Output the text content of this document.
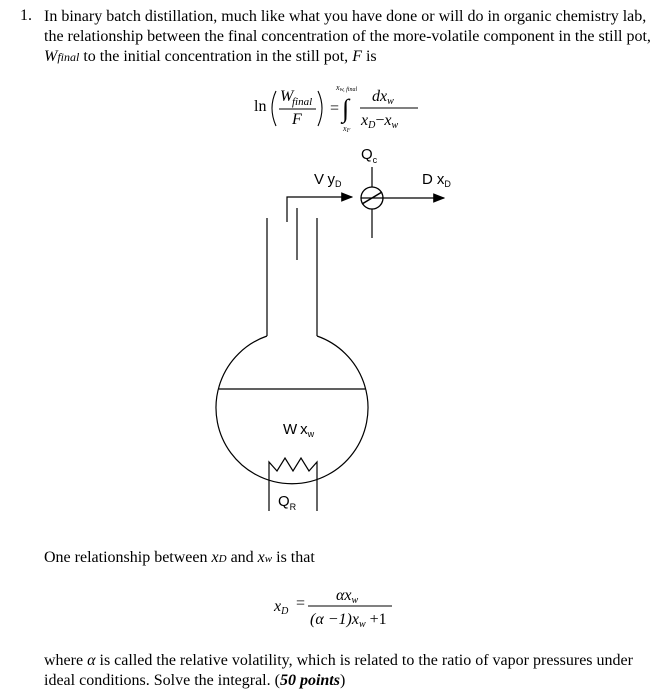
1. In binary batch distillation, much like what you have done or will do in organic chemistry lab,
the relationship between the final concentration of the more-volatile component in the still pot,
Wfinal to the initial concentration in the still pot, F is
ln
W
final
F
=
xw, final
∫
xF
dxw
xD−xw
$Q_c$
V $y_D$	D $x_D$
W $x_w$
$Q_R$
One relationship between xD and xw is that
xD = αxw
(α −1)xw +1
where α is called the relative volatility, which is related to the ratio of vapor pressures under
ideal conditions. Solve the integral. (50 points)
